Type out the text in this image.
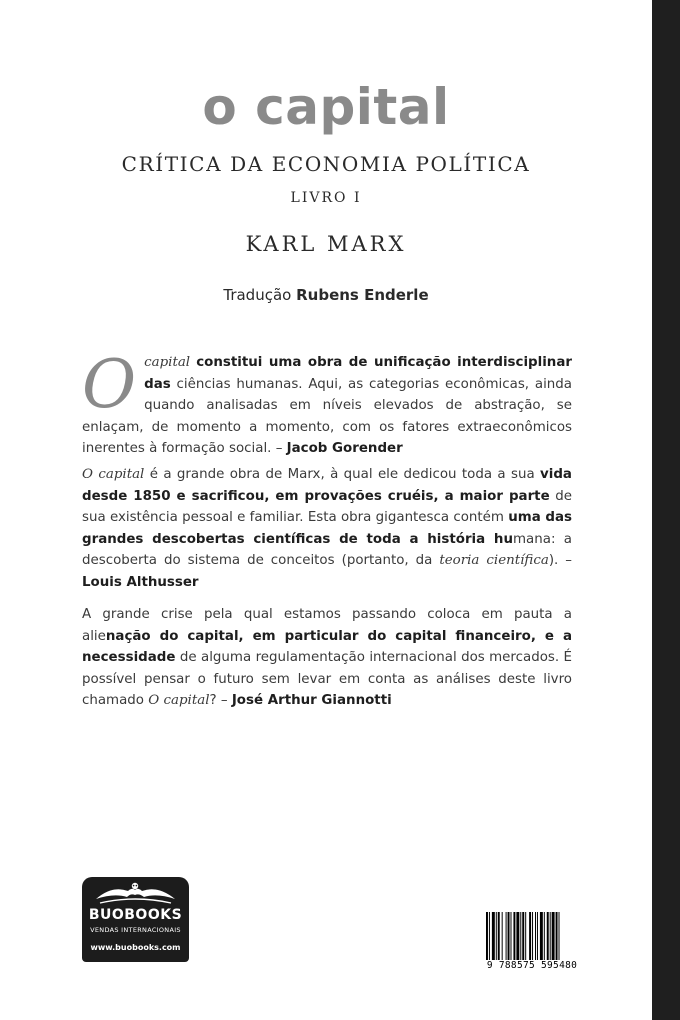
o capital
CRÍTICA DA ECONOMIA POLÍTICA
LIVRO I
KARL MARX
Tradução Rubens Enderle
O capital constitui uma obra de unificação interdisciplinar das ciências humanas. Aqui, as categorias econômicas, ainda quando analisadas em níveis elevados de abstração, se enlaçam, de momento a momento, com os fatores extraeconômicos inerentes à formação social. – Jacob Gorender
O capital é a grande obra de Marx, à qual ele dedicou toda a sua vida desde 1850 e sacrificou, em provações cruéis, a maior parte de sua existência pessoal e familiar. Esta obra gigantesca contém uma das grandes descobertas científicas de toda a história humana: a descoberta do sistema de conceitos (portanto, da teoria científica). – Louis Althusser
A grande crise pela qual estamos passando coloca em pauta a alienação do capital, em particular do capital financeiro, e a necessidade de alguma regulamentação internacional dos mercados. É possível pensar o futuro sem levar em conta as análises deste livro chamado O capital? – José Arthur Giannotti
BUOBOOKS
VENDAS INTERNACIONAIS
www.buobooks.com
9 788575 595480
